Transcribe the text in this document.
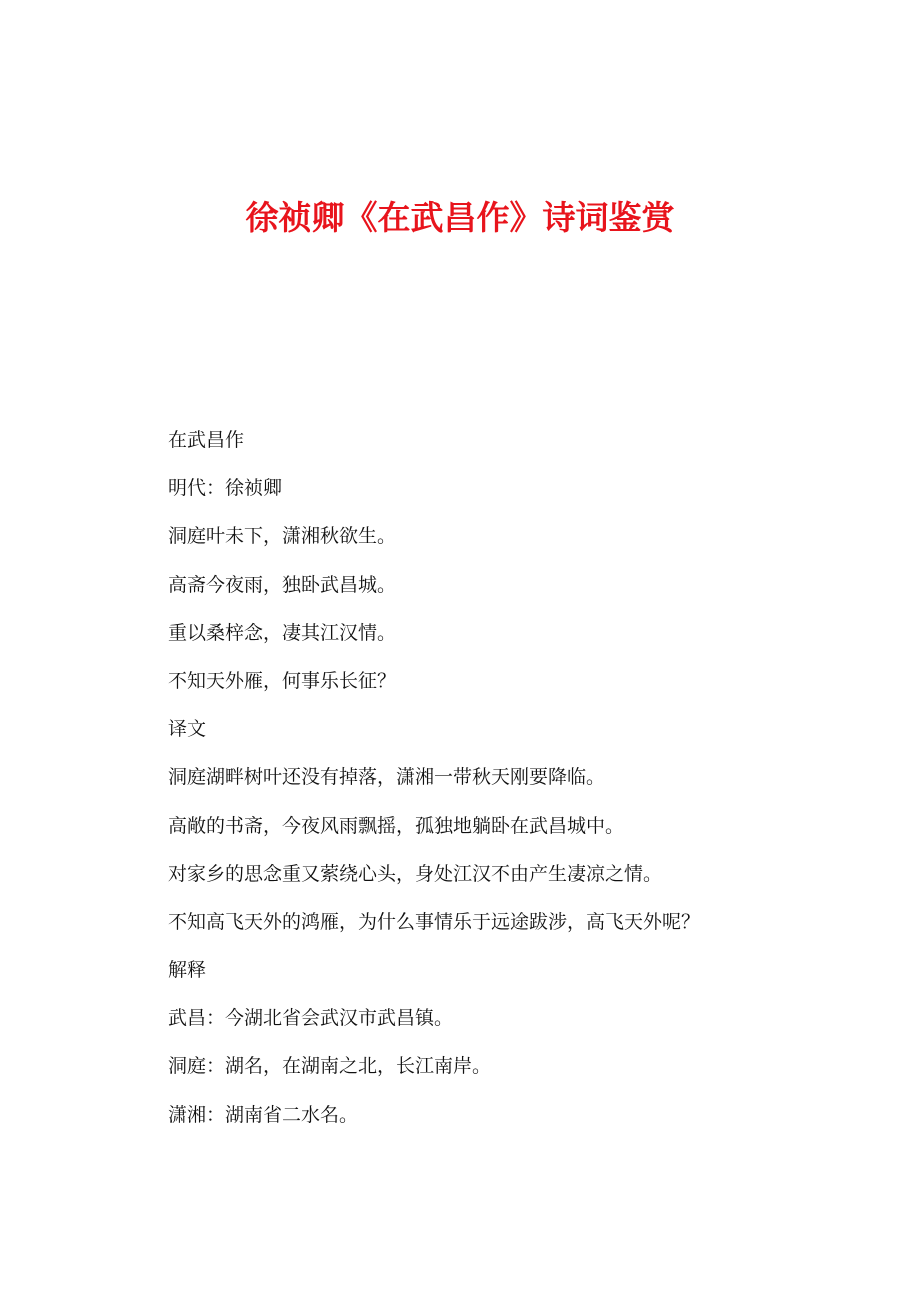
徐祯卿《在武昌作》诗词鉴赏
在武昌作
明代：徐祯卿
洞庭叶未下，潇湘秋欲生。
高斋今夜雨，独卧武昌城。
重以桑梓念，凄其江汉情。
不知天外雁，何事乐长征？
译文
洞庭湖畔树叶还没有掉落，潇湘一带秋天刚要降临。
高敞的书斋，今夜风雨飘摇，孤独地躺卧在武昌城中。
对家乡的思念重又萦绕心头，身处江汉不由产生凄凉之情。
不知高飞天外的鸿雁，为什么事情乐于远途跋涉，高飞天外呢？
解释
武昌：今湖北省会武汉市武昌镇。
洞庭：湖名，在湖南之北，长江南岸。
潇湘：湖南省二水名。
